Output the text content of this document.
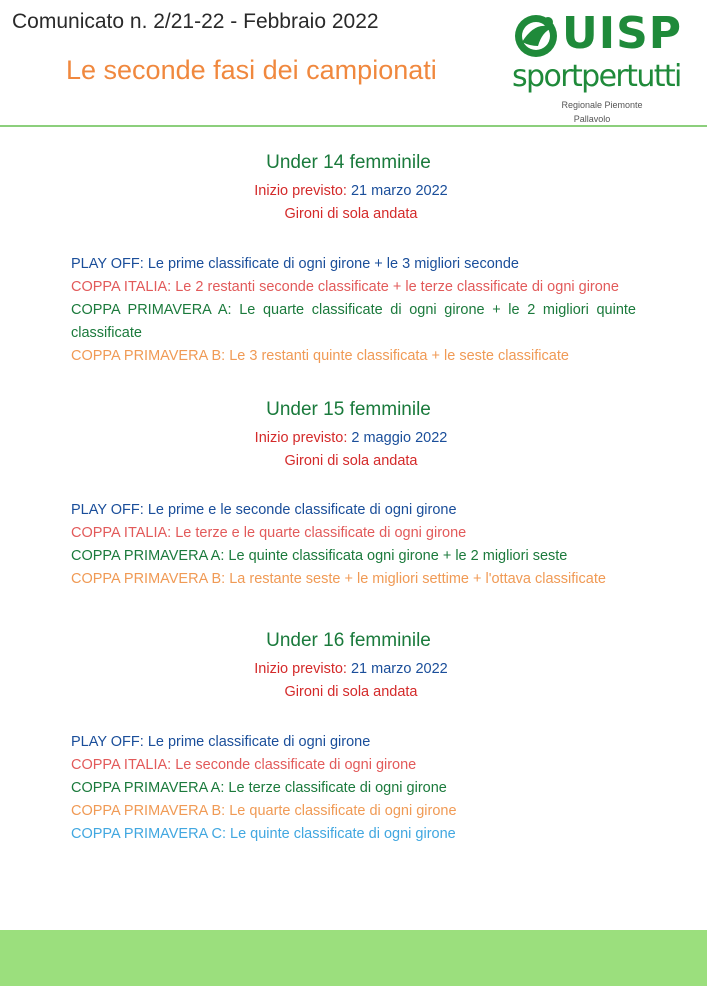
Comunicato n. 2/21-22 - Febbraio 2022
Le seconde fasi dei campionati
UISP
sportpertutti
Regionale Piemonte
Pallavolo
Under 14 femminile
Inizio previsto: 21 marzo 2022
Gironi di sola andata
PLAY OFF: Le prime classificate di ogni girone + le 3 migliori seconde
COPPA ITALIA: Le 2 restanti seconde classificate + le terze classificate di ogni girone
COPPA PRIMAVERA A: Le quarte classificate di ogni girone + le 2 migliori quinte classificate
COPPA PRIMAVERA B: Le 3 restanti quinte classificata + le seste classificate
Under 15 femminile
Inizio previsto: 2 maggio 2022
Gironi di sola andata
PLAY OFF: Le prime e le seconde classificate di ogni girone
COPPA ITALIA: Le terze e le quarte classificate di ogni girone
COPPA PRIMAVERA A: Le quinte classificata ogni girone + le 2 migliori seste
COPPA PRIMAVERA B: La restante seste + le migliori settime + l'ottava classificate
Under 16 femminile
Inizio previsto: 21 marzo 2022
Gironi di sola andata
PLAY OFF: Le prime classificate di ogni girone
COPPA ITALIA: Le seconde classificate di ogni girone
COPPA PRIMAVERA A: Le terze classificate di ogni girone
COPPA PRIMAVERA B: Le quarte classificate di ogni girone
COPPA PRIMAVERA C: Le quinte classificate di ogni girone
